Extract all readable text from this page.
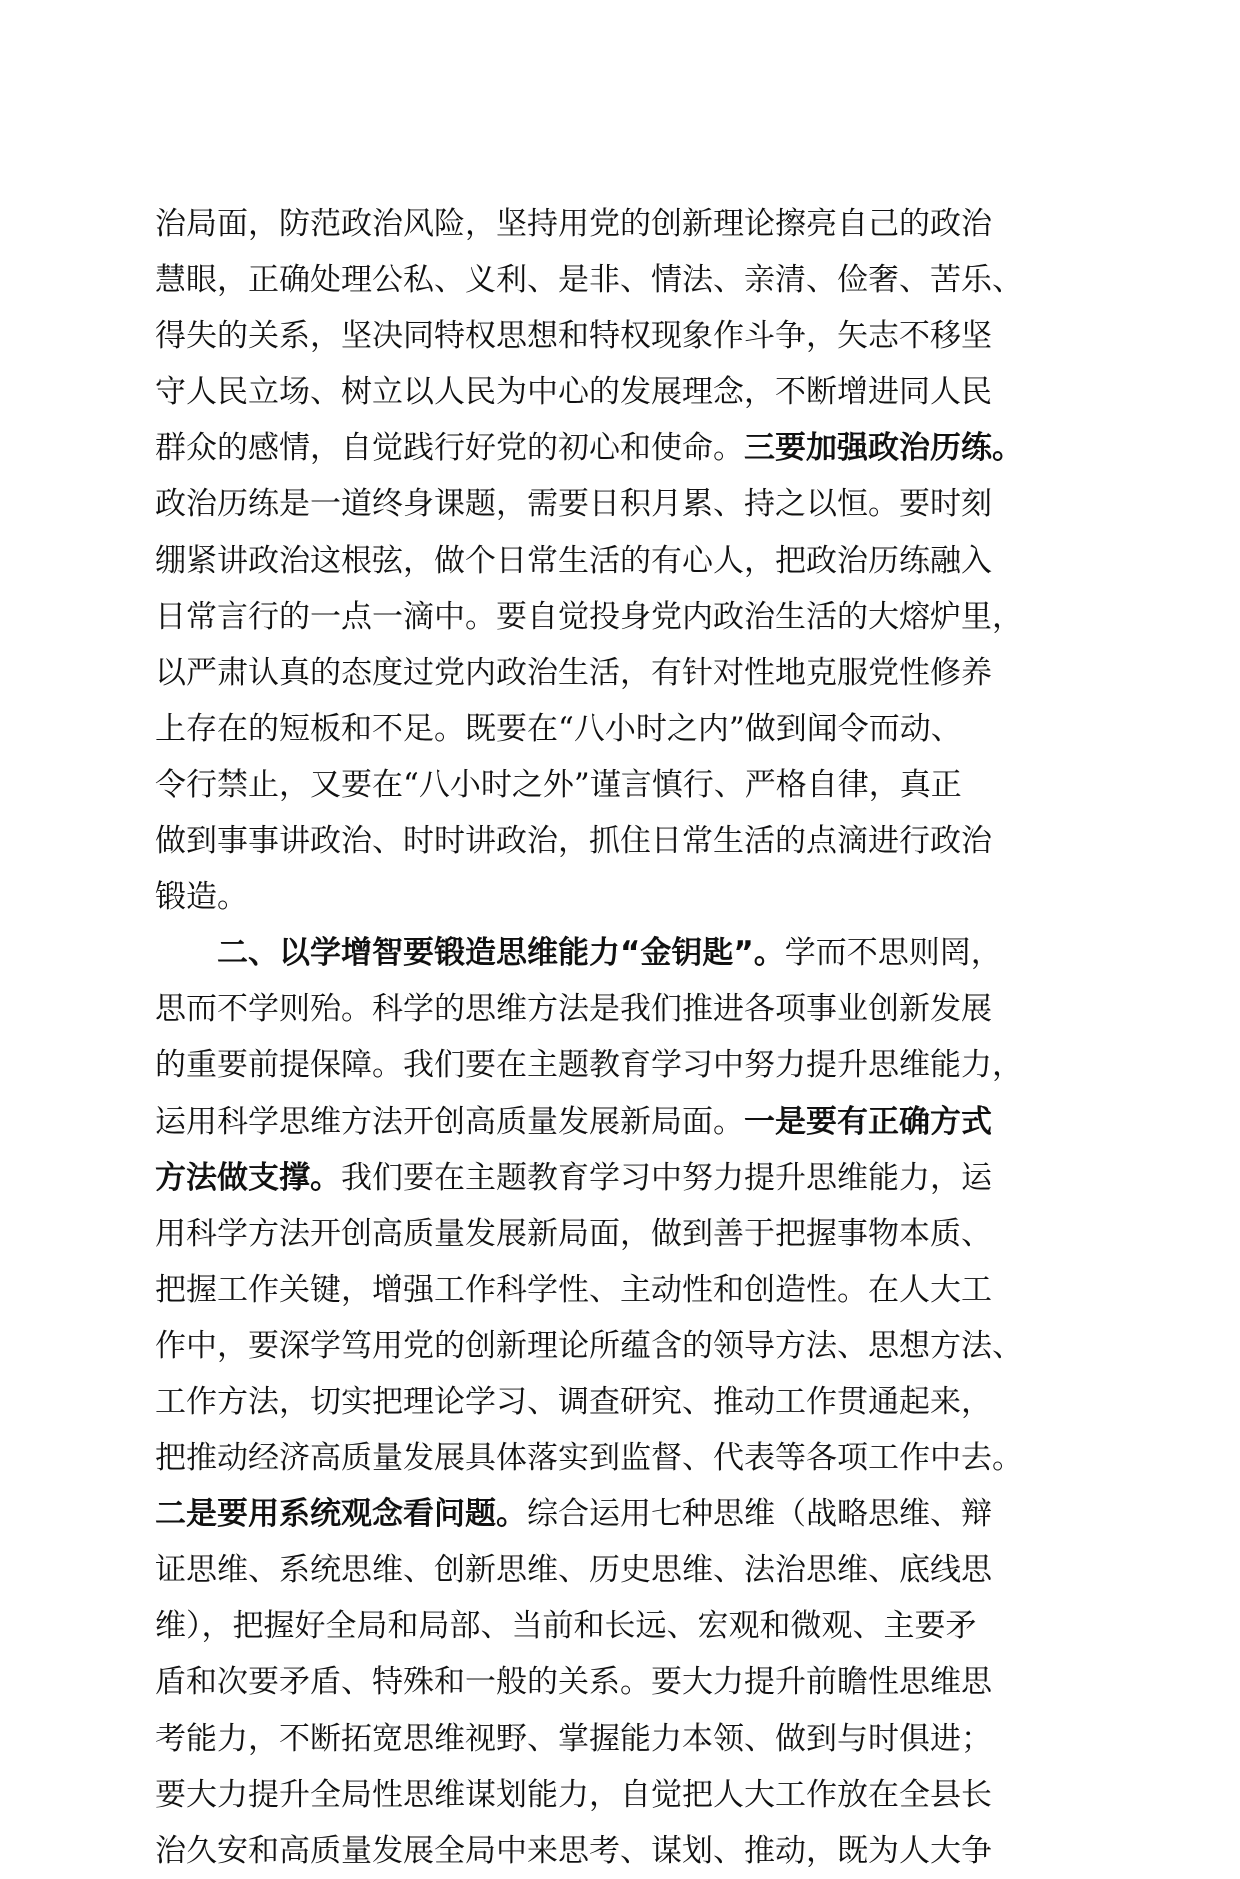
治局面，防范政治风险，坚持用党的创新理论擦亮自己的政治
慧眼，正确处理公私、义利、是非、情法、亲清、俭奢、苦乐、
得失的关系，坚决同特权思想和特权现象作斗争，矢志不移坚
守人民立场、树立以人民为中心的发展理念，不断增进同人民
群众的感情，自觉践行好党的初心和使命。三要加强政治历练。
政治历练是一道终身课题，需要日积月累、持之以恒。要时刻
绷紧讲政治这根弦，做个日常生活的有心人，把政治历练融入
日常言行的一点一滴中。要自觉投身党内政治生活的大熔炉里，
以严肃认真的态度过党内政治生活，有针对性地克服党性修养
上存在的短板和不足。既要在“八小时之内”做到闻令而动、
令行禁止，又要在“八小时之外”谨言慎行、严格自律，真正
做到事事讲政治、时时讲政治，抓住日常生活的点滴进行政治
锻造。
二、以学增智要锻造思维能力“金钥匙”。学而不思则罔，
思而不学则殆。科学的思维方法是我们推进各项事业创新发展
的重要前提保障。我们要在主题教育学习中努力提升思维能力，
运用科学思维方法开创高质量发展新局面。一是要有正确方式
方法做支撑。我们要在主题教育学习中努力提升思维能力，运
用科学方法开创高质量发展新局面，做到善于把握事物本质、
把握工作关键，增强工作科学性、主动性和创造性。在人大工
作中，要深学笃用党的创新理论所蕴含的领导方法、思想方法、
工作方法，切实把理论学习、调查研究、推动工作贯通起来，
把推动经济高质量发展具体落实到监督、代表等各项工作中去。
二是要用系统观念看问题。综合运用七种思维（战略思维、辩
证思维、系统思维、创新思维、历史思维、法治思维、底线思
维），把握好全局和局部、当前和长远、宏观和微观、主要矛
盾和次要矛盾、特殊和一般的关系。要大力提升前瞻性思维思
考能力，不断拓宽思维视野、掌握能力本领、做到与时俱进；
要大力提升全局性思维谋划能力，自觉把人大工作放在全县长
治久安和高质量发展全局中来思考、谋划、推动，既为人大争
